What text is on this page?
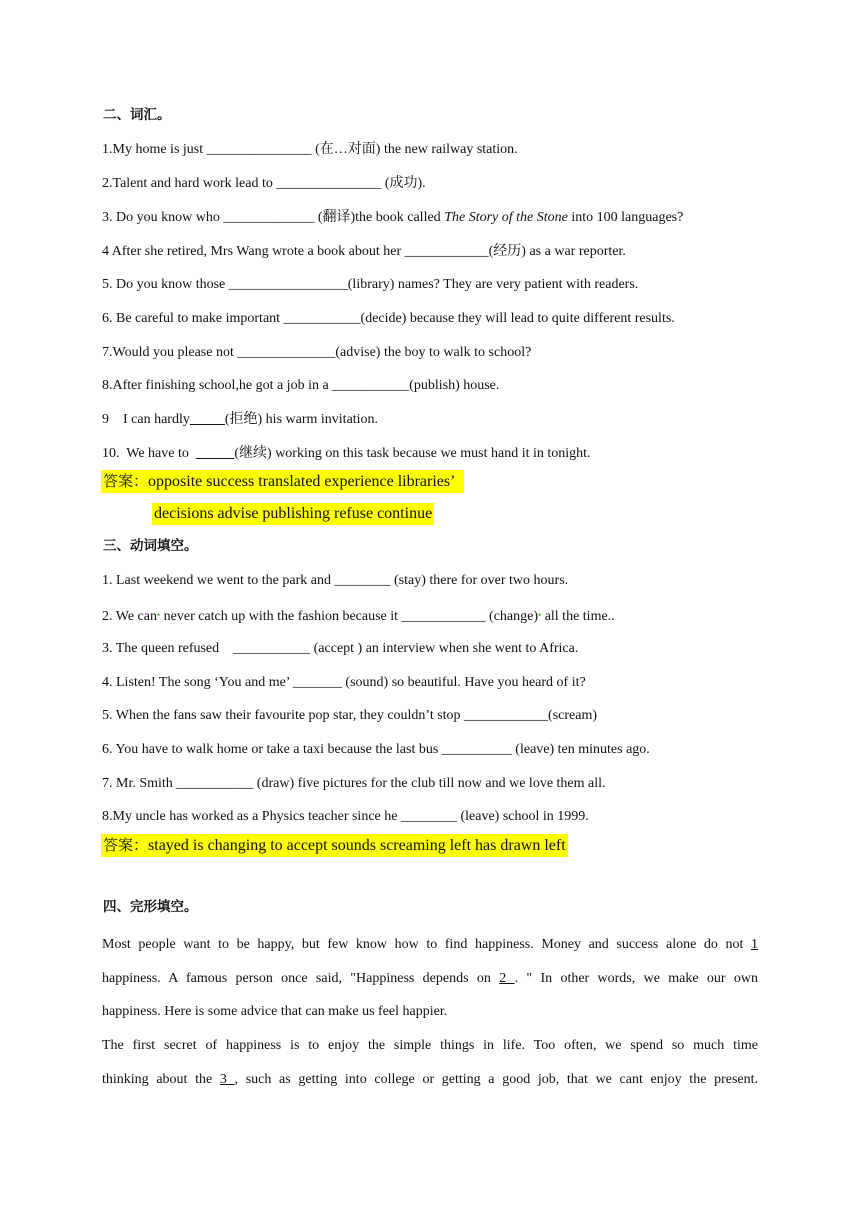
二、词汇。
1.My home is just _______________ (在…对面) the new railway station.
2.Talent and hard work lead to _______________ (成功).
3. Do you know who _____________ (翻译)the book called The Story of the Stone into 100 languages?
4 After she retired, Mrs Wang wrote a book about her ____________(经历) as a war reporter.
5. Do you know those _________________(library) names? They are very patient with readers.
6. Be careful to make important ___________(decide) because they will lead to quite different results.
7.Would you please not ______________(advise) the boy to walk to school?
8.After finishing school,he got a job in a ___________(publish) house.
9    I can hardly	(拒绝) his warm invitation.
10.  We have to	(继续) working on this task because we must hand it in tonight.
答案：opposite success translated experience libraries’
decisions advise publishing refuse continue
三、动词填空。
1. Last weekend we went to the park and ________ (stay) there for over two hours.
2. We can• never catch up with the fashion because it ____________ (change)• all the time..
3. The queen refused    ___________ (accept ) an interview when she went to Africa.
4. Listen! The song ‘You and me’ _______ (sound) so beautiful. Have you heard of it?
5. When the fans saw their favourite pop star, they couldn’t stop ____________(scream)
6. You have to walk home or take a taxi because the last bus __________ (leave) ten minutes ago.
7. Mr. Smith ___________ (draw) five pictures for the club till now and we love them all.
8.My uncle has worked as a Physics teacher since he ________ (leave) school in 1999.
答案：stayed is changing to accept sounds screaming left has drawn left
四、完形填空。
Most people want to be happy, but few know how to find happiness. Money and success alone do not 1
happiness. A famous person once said, "Happiness depends on 2 . " In other words, we make our own
happiness. Here is some advice that can make us feel happier.
The first secret of happiness is to enjoy the simple things in life. Too often, we spend so much time
thinking about the 3 , such as getting into college or getting a good job, that we cant enjoy the present.
